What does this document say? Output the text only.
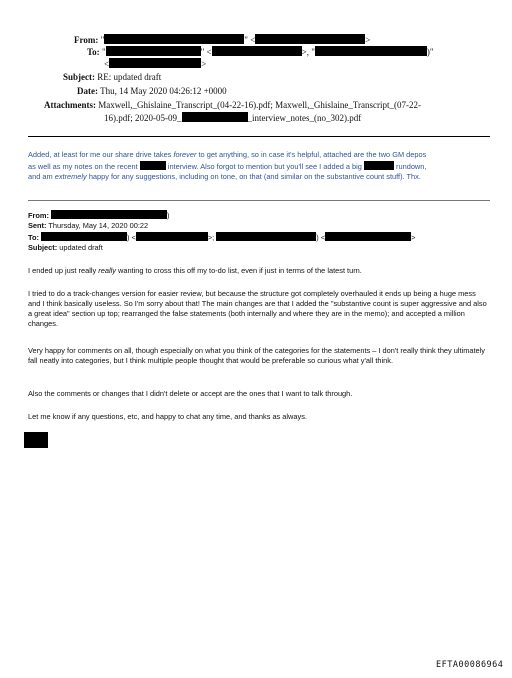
From: "	" <	>
To: "	" <	>, "	)"
<	>
Subject: RE: updated draft
Date: Thu, 14 May 2020 04:26:12 +0000
Attachments: Maxwell,_Ghislaine_Transcript_(04-22-16).pdf; Maxwell,_Ghislaine_Transcript_(07-22-
16).pdf; 2020-05-09_	_interview_notes_(no_302).pdf
Added, at least for me our share drive takes forever to get anything, so in case it's helpful, attached are the two GM depos
as well as my notes on the recent	interview. Also forgot to mention but you'll see I added a big	rundown,
and am extremely happy for any suggestions, including on tone, on that (and similar on the substantive count stuff). Thx.
From:	)
Sent: Thursday, May 14, 2020 00:22
To:	) <	>;	) <	>
Subject: updated draft
I ended up just really really wanting to cross this off my to-do list, even if just in terms of the latest turn.

I tried to do a track-changes version for easier review, but because the structure got completely overhauled it ends up being a huge mess and I think basically useless. So I'm sorry about that! The main changes are that I added the "substantive count is super aggressive and also a great idea" section up top; rearranged the false statements (both internally and where they are in the memo); and accepted a million changes.

Very happy for comments on all, though especially on what you think of the categories for the statements – I don't really think they ultimately fall neatly into categories, but I think multiple people thought that would be preferable so curious what y'all think.

Also the comments or changes that I didn't delete or accept are the ones that I want to talk through.

Let me know if any questions, etc, and happy to chat any time, and thanks as always.

EFTA00086964
